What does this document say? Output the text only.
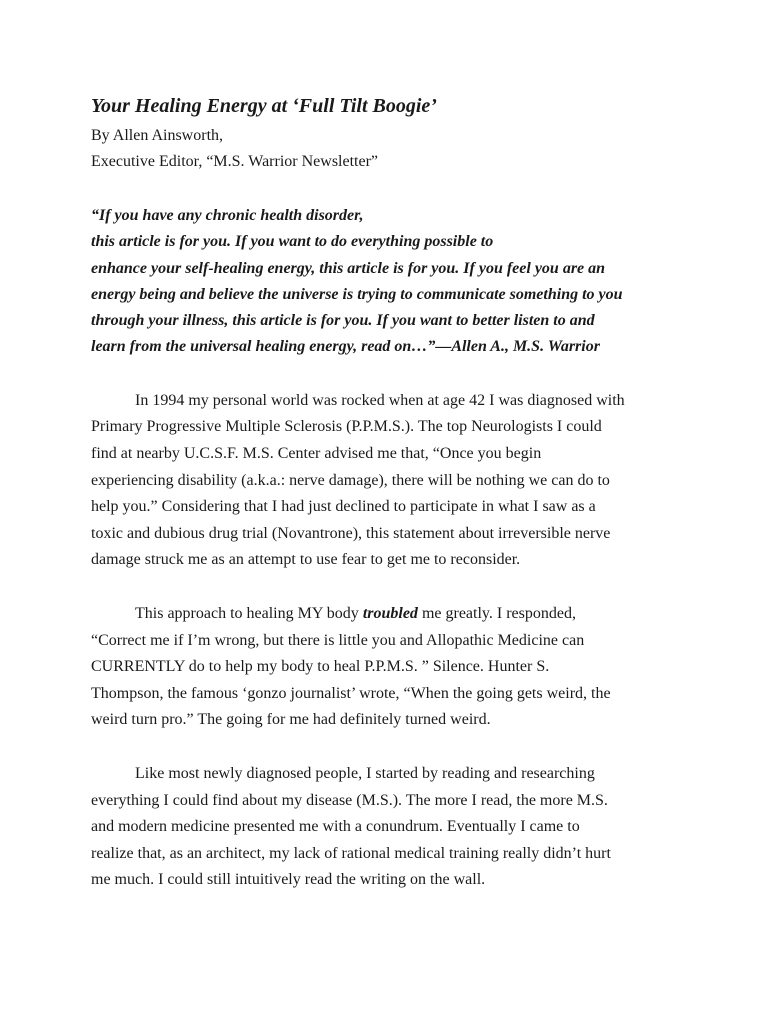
Your Healing Energy at ‘Full Tilt Boogie’
By Allen Ainsworth,
Executive Editor, “M.S. Warrior Newsletter”
“If you have any chronic health disorder,
this article is for you. If you want to do everything possible to
enhance your self-healing energy, this article is for you. If you feel you are an
energy being and believe the universe is trying to communicate something to you
through your illness, this article is for you. If you want to better listen to and
learn from the universal healing energy, read on…”—Allen A., M.S. Warrior
In 1994 my personal world was rocked when at age 42 I was diagnosed with
Primary Progressive Multiple Sclerosis (P.P.M.S.). The top Neurologists I could
find at nearby U.C.S.F. M.S. Center advised me that, “Once you begin
experiencing disability (a.k.a.: nerve damage), there will be nothing we can do to
help you.” Considering that I had just declined to participate in what I saw as a
toxic and dubious drug trial (Novantrone), this statement about irreversible nerve
damage struck me as an attempt to use fear to get me to reconsider.
This approach to healing MY body troubled me greatly. I responded,
“Correct me if I’m wrong, but there is little you and Allopathic Medicine can
CURRENTLY do to help my body to heal P.P.M.S. ” Silence. Hunter S.
Thompson, the famous ‘gonzo journalist’ wrote, “When the going gets weird, the
weird turn pro.” The going for me had definitely turned weird.
Like most newly diagnosed people, I started by reading and researching
everything I could find about my disease (M.S.). The more I read, the more M.S.
and modern medicine presented me with a conundrum. Eventually I came to
realize that, as an architect, my lack of rational medical training really didn’t hurt
me much. I could still intuitively read the writing on the wall.
